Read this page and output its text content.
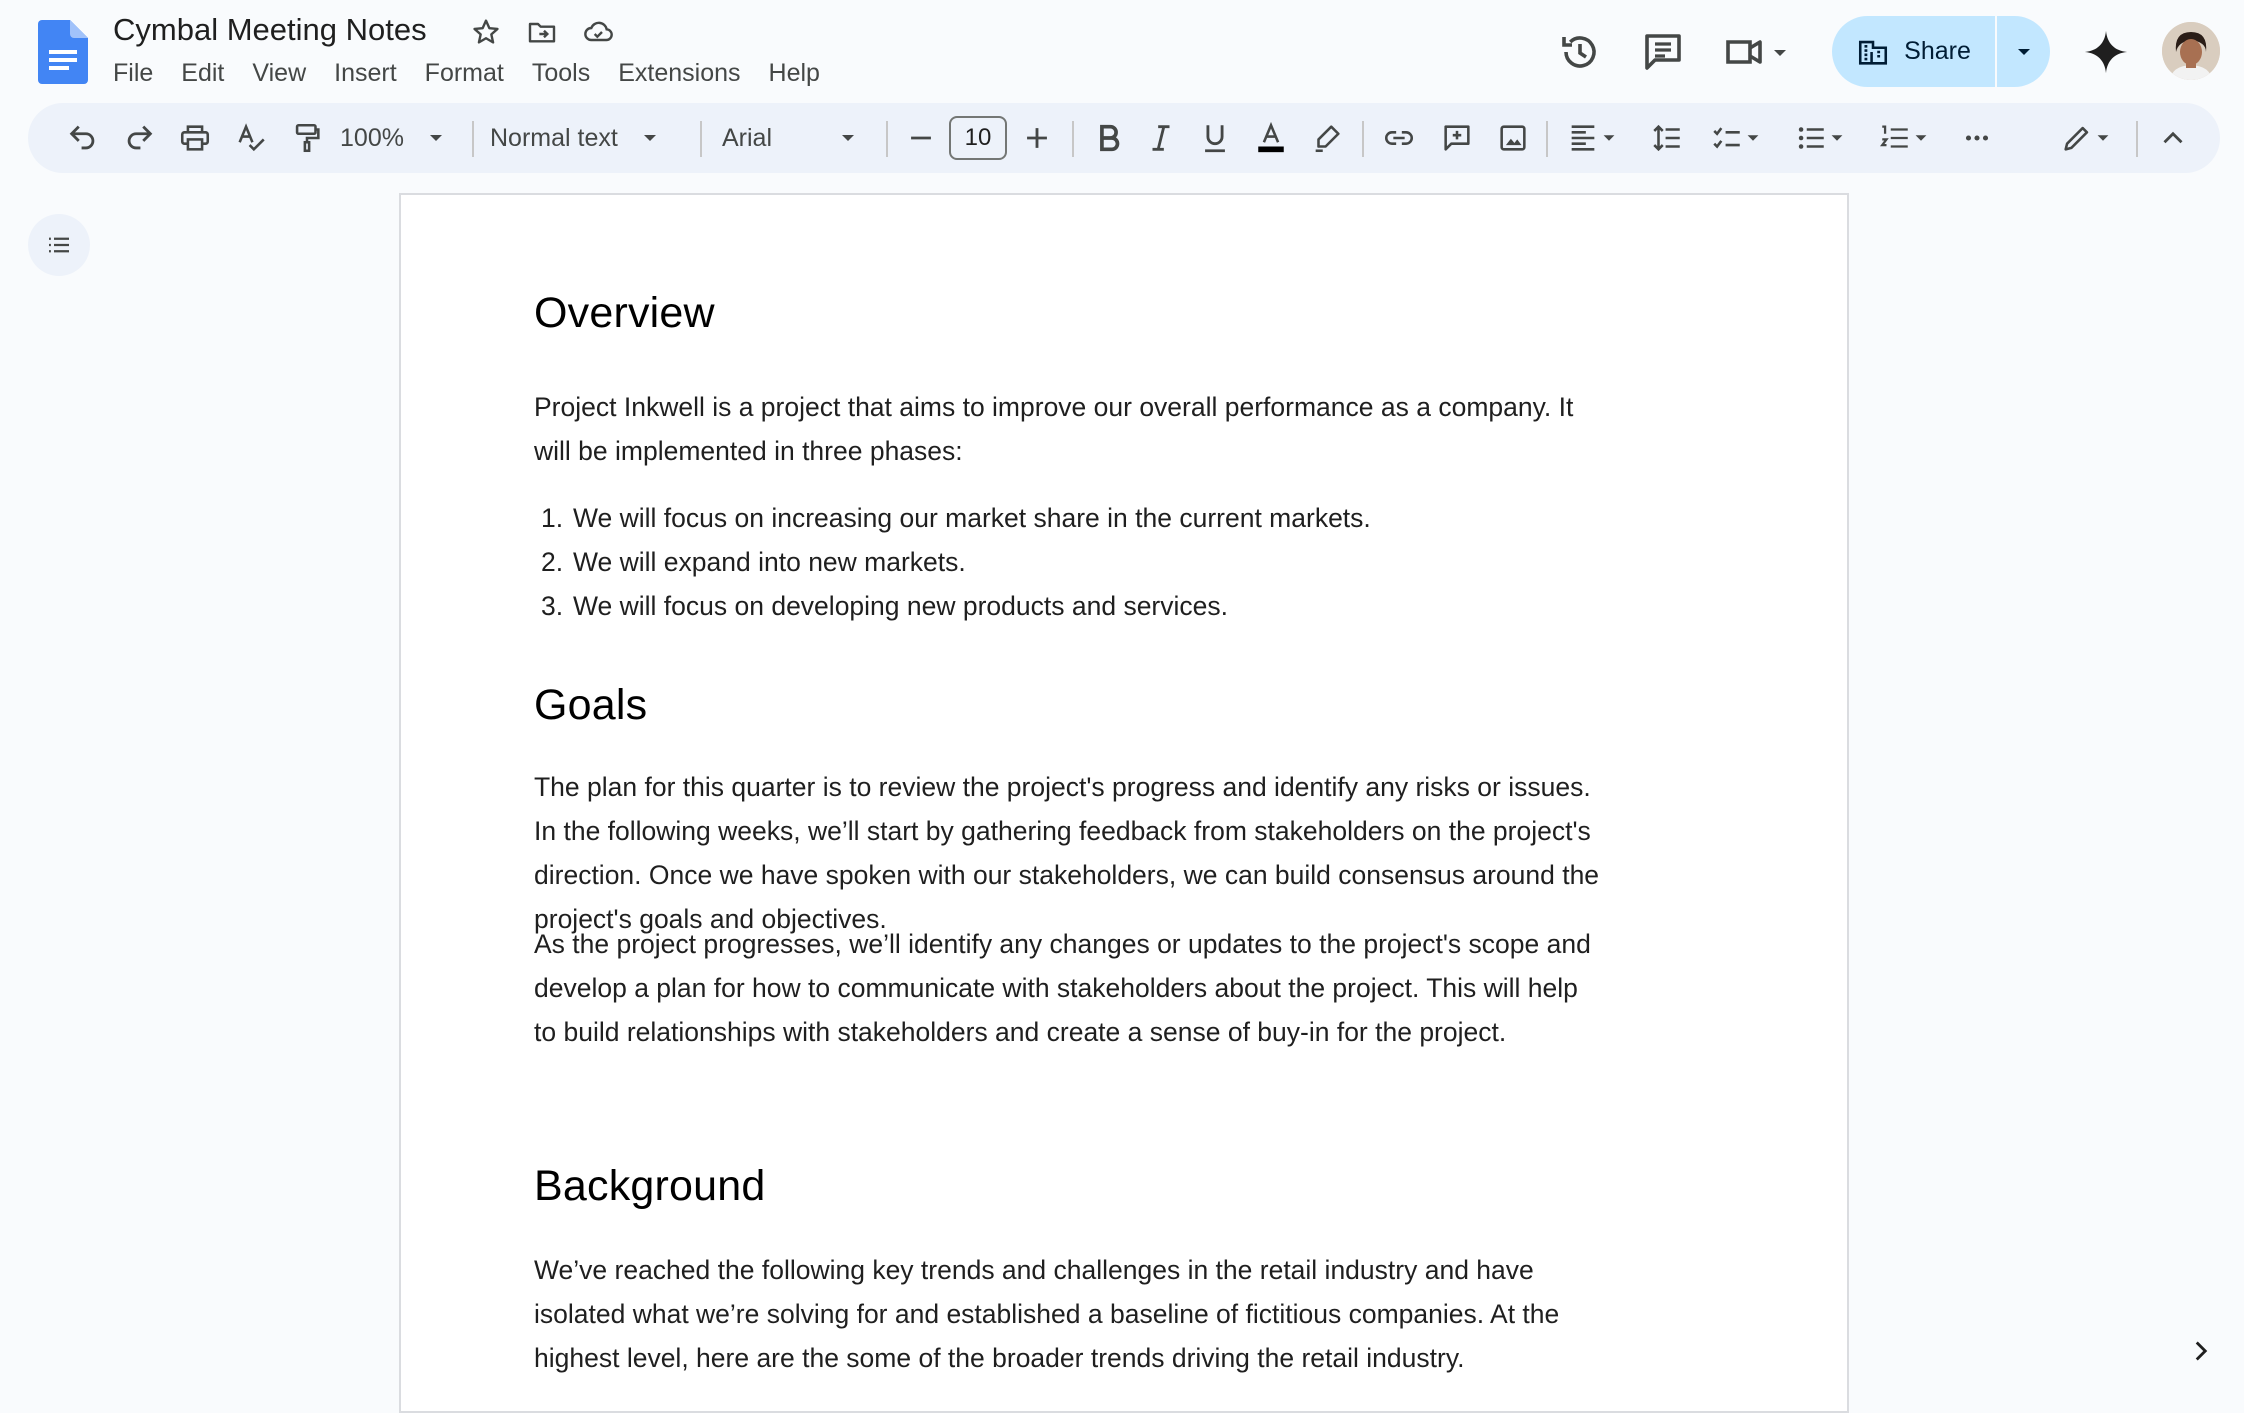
Cymbal Meeting Notes
File	Edit	View	Insert	Format	Tools	Extensions	Help
Share
100%	Normal text	Arial	10
Overview
Project Inkwell is a project that aims to improve our overall performance as a company. It
will be implemented in three phases:
1. We will focus on increasing our market share in the current markets.
2. We will expand into new markets.
3. We will focus on developing new products and services.
Goals
The plan for this quarter is to review the project's progress and identify any risks or issues.
In the following weeks, we’ll start by gathering feedback from stakeholders on the project's
direction. Once we have spoken with our stakeholders, we can build consensus around the
project's goals and objectives.
As the project progresses, we’ll identify any changes or updates to the project's scope and
develop a plan for how to communicate with stakeholders about the project. This will help
to build relationships with stakeholders and create a sense of buy-in for the project.
Background
We’ve reached the following key trends and challenges in the retail industry and have
isolated what we’re solving for and established a baseline of fictitious companies. At the
highest level, here are the some of the broader trends driving the retail industry.
